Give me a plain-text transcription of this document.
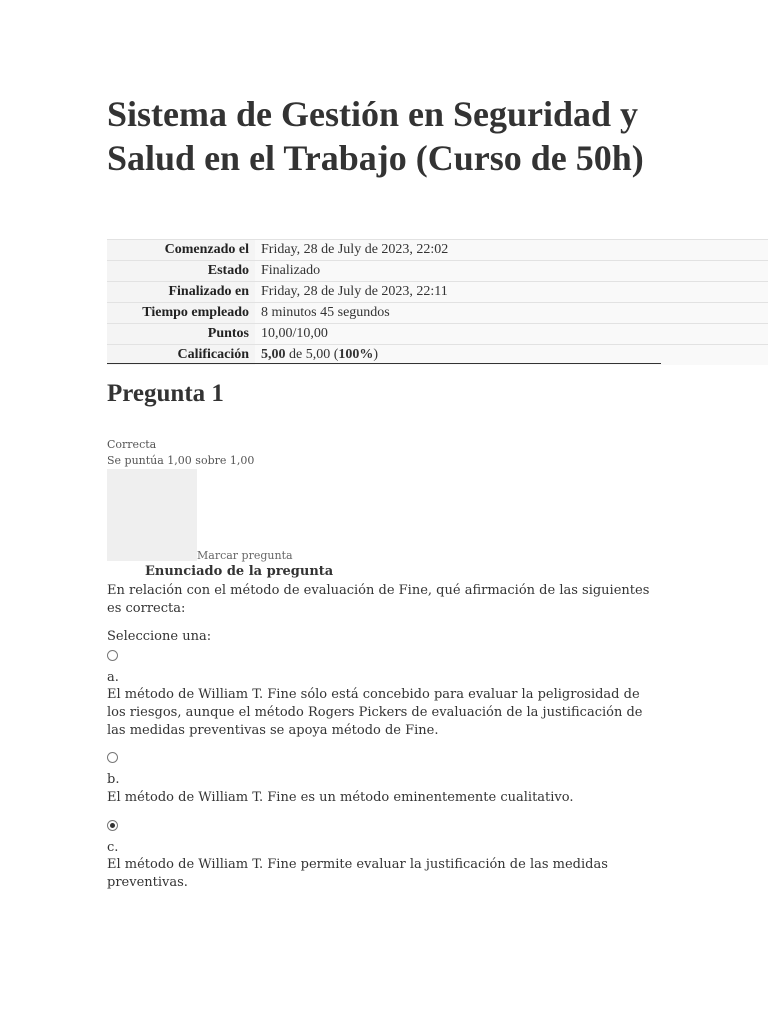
Sistema de Gestión en Seguridad y Salud en el Trabajo (Curso de 50h)
Comenzado el	Friday, 28 de July de 2023, 22:02
Estado	Finalizado
Finalizado en	Friday, 28 de July de 2023, 22:11
Tiempo empleado	8 minutos 45 segundos
Puntos	10,00/10,00
Calificación	5,00 de 5,00 (100%)
Pregunta 1
Correcta
Se puntúa 1,00 sobre 1,00
Marcar pregunta
Enunciado de la pregunta
En relación con el método de evaluación de Fine, qué afirmación de las siguientes es correcta:
Seleccione una:
a.
El método de William T. Fine sólo está concebido para evaluar la peligrosidad de los riesgos, aunque el método Rogers Pickers de evaluación de la justificación de las medidas preventivas se apoya método de Fine.
b.
El método de William T. Fine es un método eminentemente cualitativo.
c.
El método de William T. Fine permite evaluar la justificación de las medidas preventivas.
